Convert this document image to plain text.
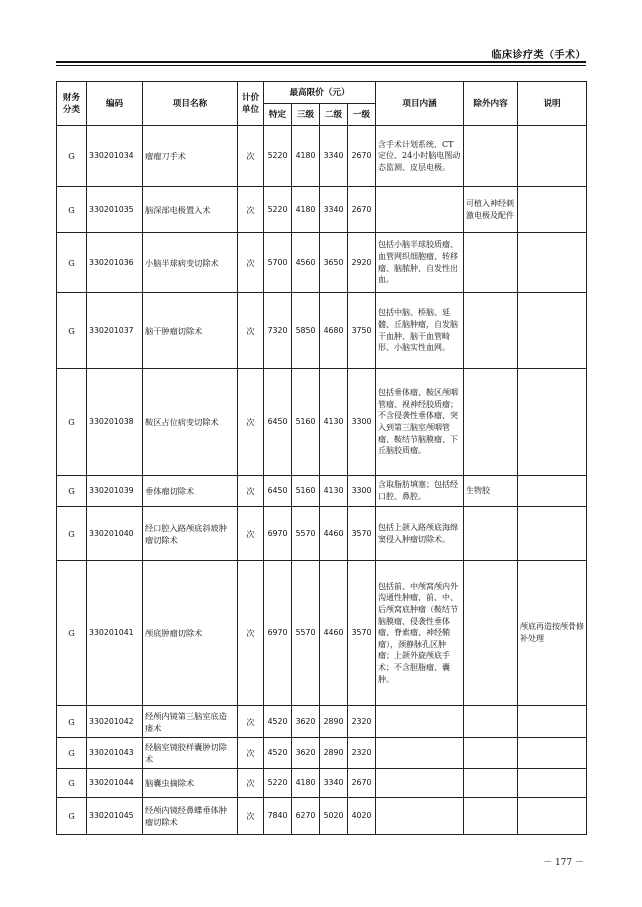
临床诊疗类（手术）
财务分类	编码	项目名称	计价单位	最高限价（元）				项目内涵	除外内容	说明
				特定	三级	二级	一级			
G	330201034	瘤瘤刀手术	次	5220	4180	3340	2670	含手术计划系统、CT定位、24小时脑电图动态监测、皮层电极。		
G	330201035	脑深部电极置入术	次	5220	4180	3340	2670		可植入神经刺激电极及配件	
G	330201036	小脑半球病变切除术	次	5700	4560	3650	2920	包括小脑半球胶质瘤、血管网织细胞瘤、转移瘤、脑脓肿、自发性出血。		
G	330201037	脑干肿瘤切除术	次	7320	5850	4680	3750	包括中脑、桥脑、延髓、丘脑肿瘤，自发脑干血肿、脑干血管畸形、小脑实性血网。		
G	330201038	鞍区占位病变切除术	次	6450	5160	4130	3300	包括垂体瘤、鞍区颅咽管瘤、视神经胶质瘤；不含侵袭性垂体瘤、突入到第三脑室颅咽管瘤、鞍结节脑膜瘤、下丘脑胶质瘤。		
G	330201039	垂体瘤切除术	次	6450	5160	4130	3300	含取脂肪填塞；包括经口腔、鼻腔。	生物胶	
G	330201040	经口腔入路颅底斜坡肿瘤切除术	次	6970	5570	4460	3570	包括上颌入路颅底海绵窦侵入肿瘤切除术。		
G	330201041	颅底肿瘤切除术	次	6970	5570	4460	3570	包括前、中颅窝颅内外沟通性肿瘤，前、中、后颅窝底肿瘤（鞍结节脑膜瘤、侵袭性垂体瘤、脊索瘤、神经鞘瘤），颈静脉孔区肿瘤；上颌外旋颅底手术；不含胆脂瘤、囊肿。		颅底再造按颅骨修补处理
G	330201042	经颅内镜第三脑室底造瘘术	次	4520	3620	2890	2320			
G	330201043	经脑室镜胶样囊肿切除术	次	4520	3620	2890	2320			
G	330201044	脑囊虫摘除术	次	5220	4180	3340	2670			
G	330201045	经颅内镜经鼻蝶垂体肿瘤切除术	次	7840	6270	5020	4020			
－ 177 －
